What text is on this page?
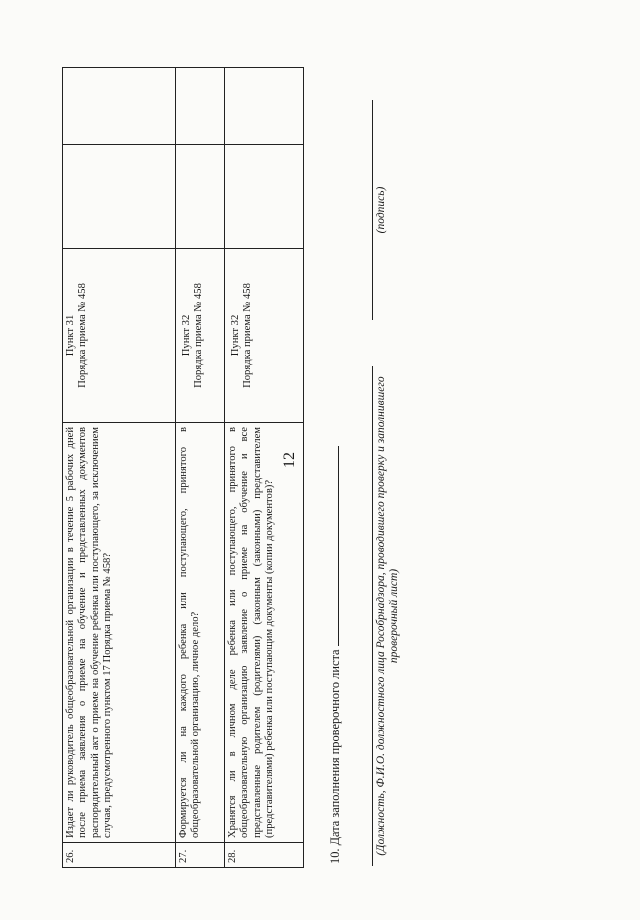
12
26.	Издает ли руководитель общеобразовательной организации в течение 5 рабочих дней после приема заявления о приеме на обучение и представленных документов распорядительный акт о приеме на обучение ребенка или поступающего, за исключением случая, предусмотренного пунктом 17 Порядка приема № 458?	Пункт 31 Порядка приема № 458		

27.	Формируется ли на каждого ребенка или поступающего, принятого в общеобразовательной организацию, личное дело?	Пункт 32 Порядка приема № 458		

28.	Хранятся ли в личном деле ребенка или поступающего, принятого в общеобразовательную организацию заявление о приеме на обучение и все представленные родителем (родителями) (законным (законными) представителем (представителями) ребенка или поступающим документы (копии документов)?	Пункт 32 Порядка приема № 458		

10. Дата заполнения проверочного листа	(Должность, Ф.И.О. должностного лица Рособрнадзора, проводившего проверку и заполнившего проверочный лист)
(подпись)
